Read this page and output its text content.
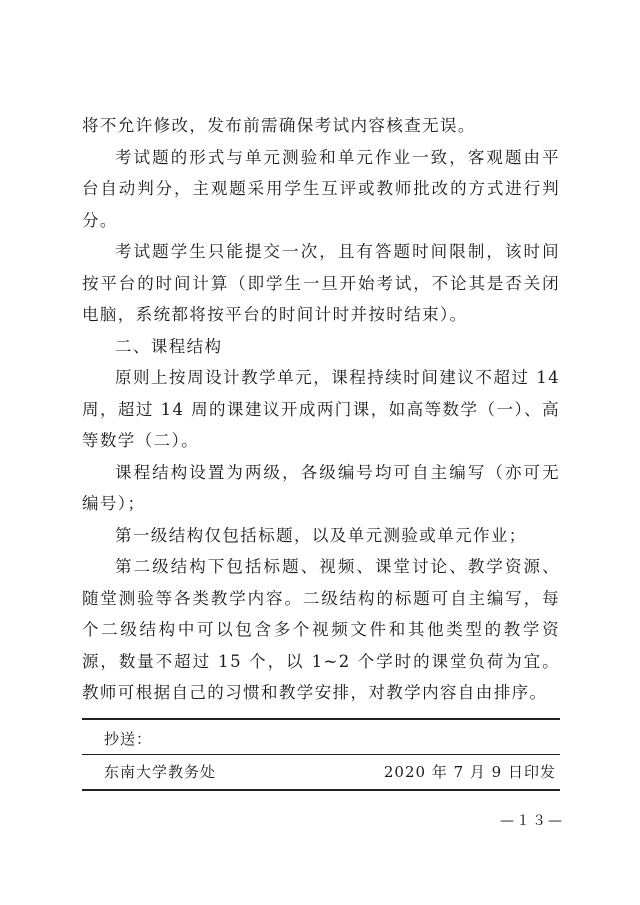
将不允许修改，发布前需确保考试内容核查无误。

考试题的形式与单元测验和单元作业一致，客观题由平台自动判分，主观题采用学生互评或教师批改的方式进行判分。

考试题学生只能提交一次，且有答题时间限制，该时间按平台的时间计算（即学生一旦开始考试，不论其是否关闭电脑，系统都将按平台的时间计时并按时结束）。

二、课程结构

原则上按周设计教学单元，课程持续时间建议不超过 14 周，超过 14 周的课建议开成两门课，如高等数学（一）、高等数学（二）。

课程结构设置为两级，各级编号均可自主编写（亦可无编号）；

第一级结构仅包括标题，以及单元测验或单元作业；

第二级结构下包括标题、视频、课堂讨论、教学资源、随堂测验等各类教学内容。二级结构的标题可自主编写，每个二级结构中可以包含多个视频文件和其他类型的教学资源，数量不超过 15 个，以 1~2 个学时的课堂负荷为宜。教师可根据自己的习惯和教学安排，对教学内容自由排序。

抄送：
东南大学教务处	2020 年 7 月 9 日印发
—１３—
